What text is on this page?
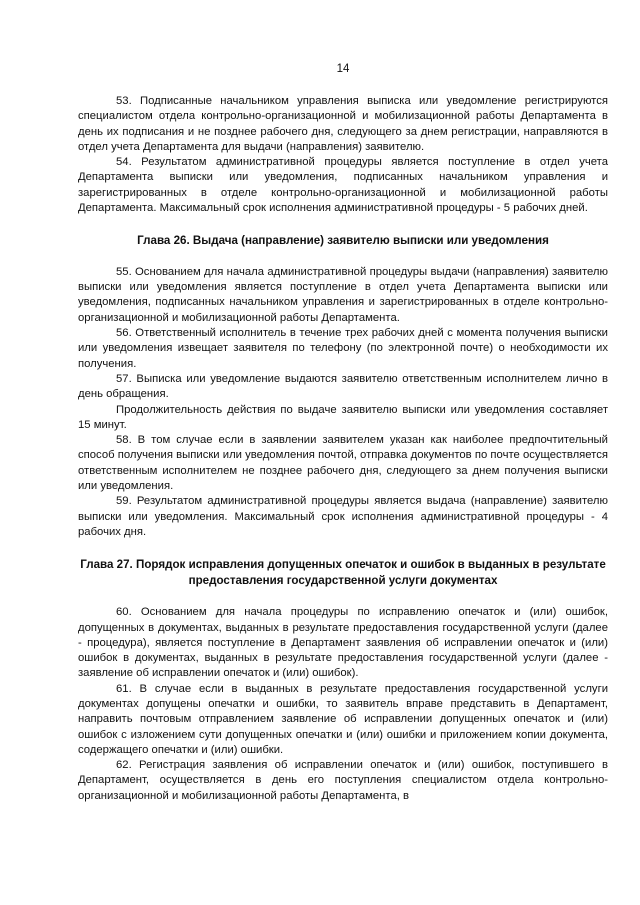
14

53. Подписанные начальником управления выписка или уведомление регистрируются специалистом отдела контрольно-организационной и мобилизационной работы Департамента в день их подписания и не позднее рабочего дня, следующего за днем регистрации, направляются в отдел учета Департамента для выдачи (направления) заявителю.

54. Результатом административной процедуры является поступление в отдел учета Департамента выписки или уведомления, подписанных начальником управления и зарегистрированных в отделе контрольно-организационной и мобилизационной работы Департамента. Максимальный срок исполнения административной процедуры - 5 рабочих дней.

Глава 26. Выдача (направление) заявителю выписки или уведомления

55. Основанием для начала административной процедуры выдачи (направления) заявителю выписки или уведомления является поступление в отдел учета Департамента выписки или уведомления, подписанных начальником управления и зарегистрированных в отделе контрольно-организационной и мобилизационной работы Департамента.

56. Ответственный исполнитель в течение трех рабочих дней с момента получения выписки или уведомления извещает заявителя по телефону (по электронной почте) о необходимости их получения.

57. Выписка или уведомление выдаются заявителю ответственным исполнителем лично в день обращения.

Продолжительность действия по выдаче заявителю выписки или уведомления составляет 15 минут.

58. В том случае если в заявлении заявителем указан как наиболее предпочтительный способ получения выписки или уведомления почтой, отправка документов по почте осуществляется ответственным исполнителем не позднее рабочего дня, следующего за днем получения выписки или уведомления.

59. Результатом административной процедуры является выдача (направление) заявителю выписки или уведомления. Максимальный срок исполнения административной процедуры - 4 рабочих дня.

Глава 27. Порядок исправления допущенных опечаток и ошибок в выданных в результате предоставления государственной услуги документах

60. Основанием для начала процедуры по исправлению опечаток и (или) ошибок, допущенных в документах, выданных в результате предоставления государственной услуги (далее - процедура), является поступление в Департамент заявления об исправлении опечаток и (или) ошибок в документах, выданных в результате предоставления государственной услуги (далее - заявление об исправлении опечаток и (или) ошибок).

61. В случае если в выданных в результате предоставления государственной услуги документах допущены опечатки и ошибки, то заявитель вправе представить в Департамент, направить почтовым отправлением заявление об исправлении допущенных опечаток и (или) ошибок с изложением сути допущенных опечатки и (или) ошибки и приложением копии документа, содержащего опечатки и (или) ошибки.

62. Регистрация заявления об исправлении опечаток и (или) ошибок, поступившего в Департамент, осуществляется в день его поступления специалистом отдела контрольно-организационной и мобилизационной работы Департамента, в
